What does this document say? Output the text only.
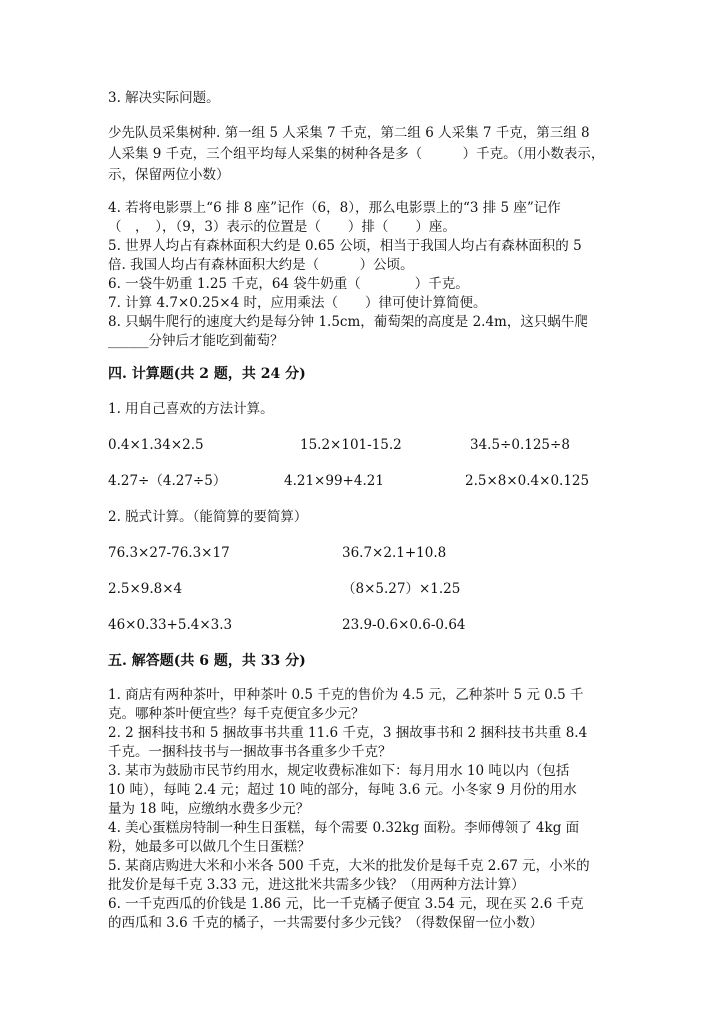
3. 解决实际问题。
少先队员采集树种. 第一组 5 人采集 7 千克，第二组 6 人采集 7 千克，第三组 8
人采集 9 千克，三个组平均每人采集的树种各是多（　　　）千克。（用小数表示，
示，保留两位小数）
4. 若将电影票上“6 排 8 座”记作（6，8），那么电影票上的“3 排 5 座”记作
（　，　），（9，3）表示的位置是（　　）排（　　）座。
5. 世界人均占有森林面积大约是 0.65 公顷，相当于我国人均占有森林面积的 5
倍. 我国人均占有森林面积大约是（　　　）公顷。
6. 一袋牛奶重 1.25 千克，64 袋牛奶重（　　　　）千克。
7. 计算 4.7×0.25×4 时，应用乘法（　　）律可使计算简便。
8. 只蜗牛爬行的速度大约是每分钟 1.5cm，葡萄架的高度是 2.4m，这只蜗牛爬
______分钟后才能吃到葡萄？
四. 计算题(共 2 题，共 24 分)
1. 用自己喜欢的方法计算。
0.4×1.34×2.5	15.2×101-15.2	34.5÷0.125÷8
4.27÷（4.27÷5）	4.21×99+4.21	2.5×8×0.4×0.125
2. 脱式计算。（能简算的要简算）
76.3×27-76.3×17	36.7×2.1+10.8
2.5×9.8×4	（8×5.27）×1.25
46×0.33+5.4×3.3	23.9-0.6×0.6-0.64
五. 解答题(共 6 题，共 33 分)
1. 商店有两种茶叶，甲种茶叶 0.5 千克的售价为 4.5 元，乙种茶叶 5 元 0.5 千
克。哪种茶叶便宜些？每千克便宜多少元？
2. 2 捆科技书和 5 捆故事书共重 11.6 千克，3 捆故事书和 2 捆科技书共重 8.4
千克。一捆科技书与一捆故事书各重多少千克？
3. 某市为鼓励市民节约用水，规定收费标准如下：每月用水 10 吨以内（包括
10 吨），每吨 2.4 元；超过 10 吨的部分，每吨 3.6 元。小冬家 9 月份的用水
量为 18 吨，应缴纳水费多少元？
4. 美心蛋糕房特制一种生日蛋糕，每个需要 0.32kg 面粉。李师傅领了 4kg 面
粉，她最多可以做几个生日蛋糕？
5. 某商店购进大米和小米各 500 千克，大米的批发价是每千克 2.67 元，小米的
批发价是每千克 3.33 元，进这批米共需多少钱？（用两种方法计算）
6. 一千克西瓜的价钱是 1.86 元，比一千克橘子便宜 3.54 元，现在买 2.6 千克
的西瓜和 3.6 千克的橘子，一共需要付多少元钱？（得数保留一位小数）
